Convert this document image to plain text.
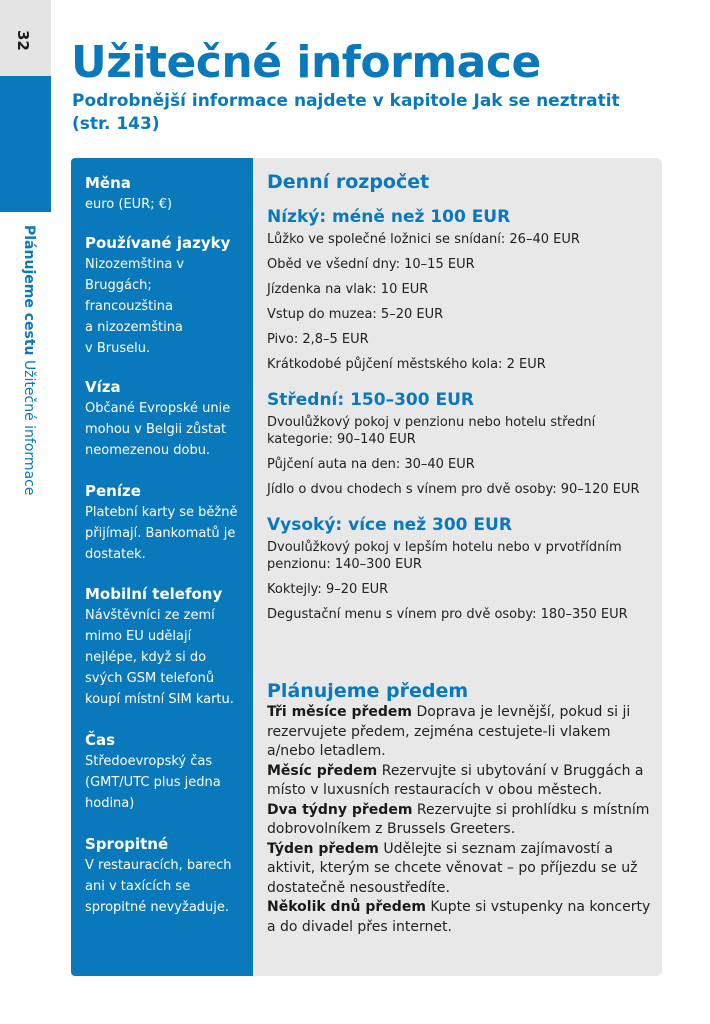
32
Plánujeme cestu Užitečné informace
Užitečné informace

Podrobnější informace najdete v kapitole Jak se neztratit (str. 143)

Měna

euro (EUR; €)

Používané jazyky

Nizozemština v Bruggách; francouzština a nizozemština v Bruselu.

Víza

Občané Evropské unie mohou v Belgii zůstat neomezenou dobu.

Peníze

Platební karty se běžně přijímají. Bankomatů je dostatek.

Mobilní telefony

Návštěvníci ze zemí mimo EU udělají nejlépe, když si do svých GSM telefonů koupí místní SIM kartu.

Čas

Středoevropský čas (GMT/UTC plus jedna hodina)

Spropitné

V restauracích, barech ani v taxících se spropitné nevyžaduje.

Denní rozpočet
Nízký: méně než 100 EUR
Lůžko ve společné ložnici se snídaní: 26–40 EUR
Oběd ve všední dny: 10–15 EUR
Jízdenka na vlak: 10 EUR
Vstup do muzea: 5–20 EUR
Pivo: 2,8–5 EUR
Krátkodobé půjčení městského kola: 2 EUR
Střední: 150–300 EUR
Dvoulůžkový pokoj v penzionu nebo hotelu střední kategorie: 90–140 EUR
Půjčení auta na den: 30–40 EUR
Jídlo o dvou chodech s vínem pro dvě osoby: 90–120 EUR
Vysoký: více než 300 EUR
Dvoulůžkový pokoj v lepším hotelu nebo v prvotřídním penzionu: 140–300 EUR
Koktejly: 9–20 EUR
Degustační menu s vínem pro dvě osoby: 180–350 EUR
Plánujeme předem
Tři měsíce předem Doprava je levnější, pokud si ji rezervujete předem, zejména cestujete-li vlakem a/nebo letadlem.
Měsíc předem Rezervujte si ubytování v Bruggách a místo v luxusních restauracích v obou městech.
Dva týdny předem Rezervujte si prohlídku s místním dobrovolníkem z Brussels Greeters.
Týden předem Udělejte si seznam zajímavostí a aktivit, kterým se chcete věnovat – po příjezdu se už dostatečně nesoustředíte.
Několik dnů předem Kupte si vstupenky na koncerty a do divadel přes internet.
